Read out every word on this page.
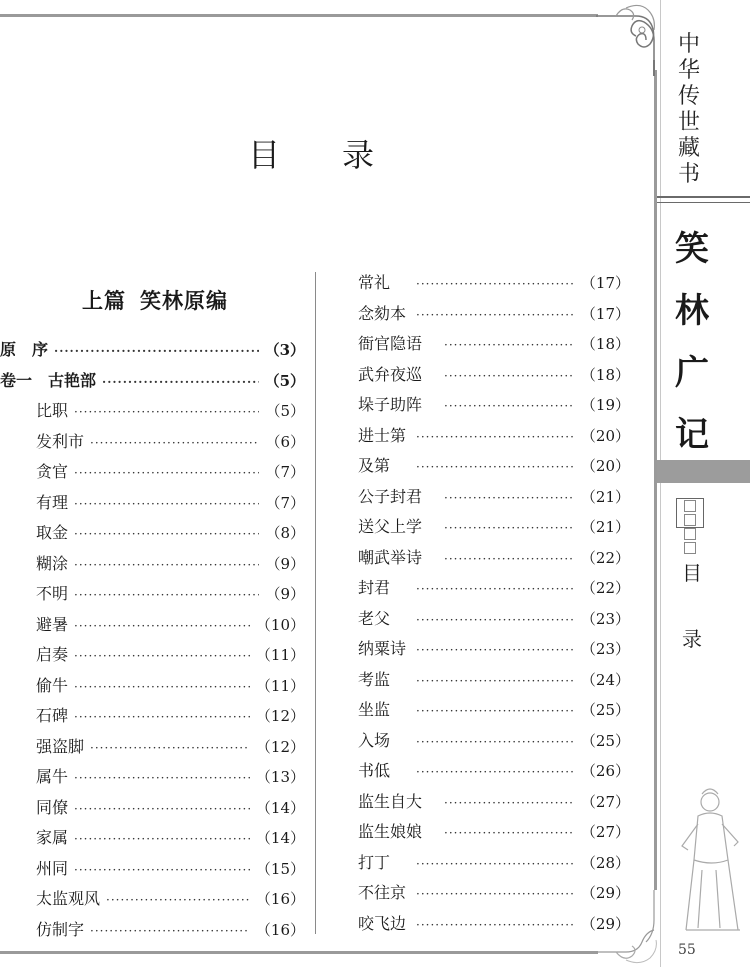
目 录
上篇 笑林原编
原　序 ·····	（3）
卷一　古艳部 ·····	（5）
比职 ·····	（5）
发利市 ·····	（6）
贪官 ·····	（7）
有理 ·····	（7）
取金 ·····	（8）
糊涂 ·····	（9）
不明 ·····	（9）
避暑 ·····	（10）
启奏 ·····	（11）
偷牛 ·····	（11）
石碑 ·····	（12）
强盗脚 ·····	（12）
属牛 ·····	（13）
同僚 ·····	（14）
家属 ·····	（14）
州同 ·····	（15）
太监观风 ·····	（16）
仿制字 ·····	（16）
常礼 ·····	（17）
念劾本 ·····	（17）
衙官隐语 ·····	（18）
武弁夜巡 ·····	（18）
垛子助阵 ·····	（19）
进士第 ·····	（20）
及第 ·····	（20）
公子封君 ·····	（21）
送父上学 ·····	（21）
嘲武举诗 ·····	（22）
封君 ·····	（22）
老父 ·····	（23）
纳粟诗 ·····	（23）
考监 ·····	（24）
坐监 ·····	（25）
入场 ·····	（25）
书低 ·····	（26）
监生自大 ·····	（27）
监生娘娘 ·····	（27）
打丁 ·····	（28）
不往京 ·····	（29）
咬飞边 ·····	（29）
中
华
传
世
藏
书
笑
林
广
记
目
录
55
